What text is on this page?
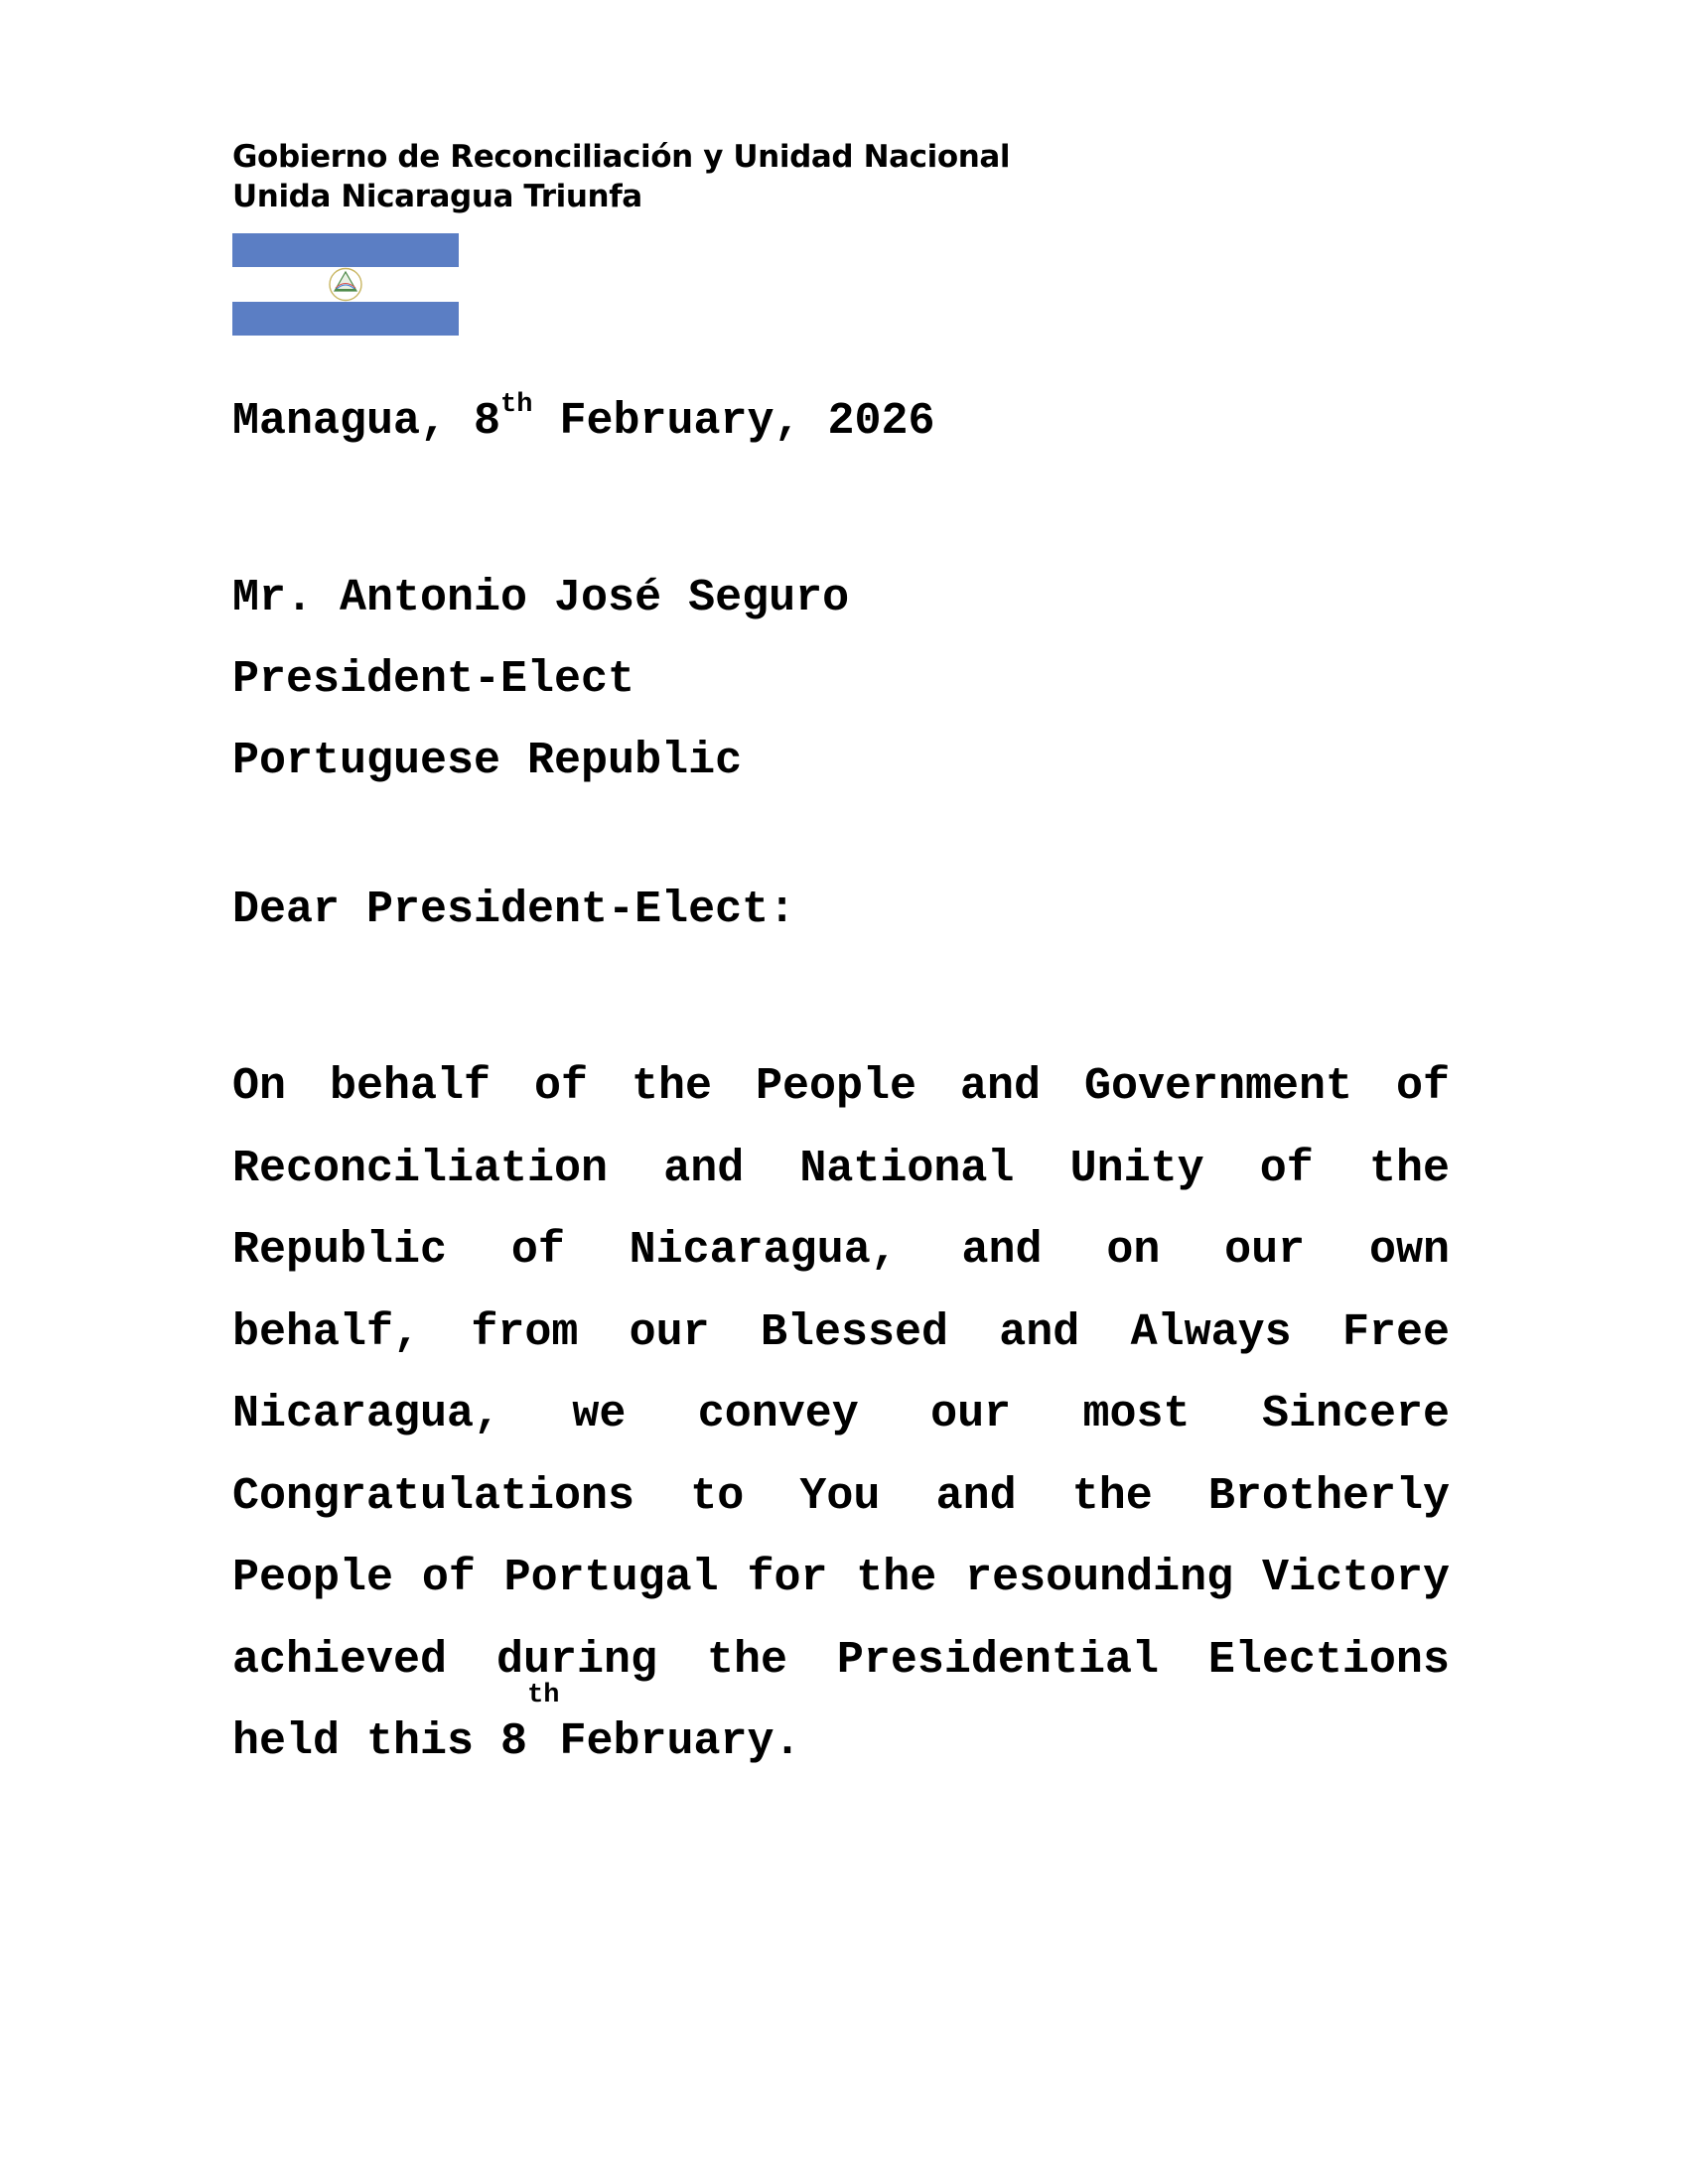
Gobierno de Reconciliación y Unidad Nacional
Unida Nicaragua Triunfa
Managua, 8th February, 2026
Mr. Antonio José Seguro
President-Elect
Portuguese Republic
Dear President-Elect:
On behalf of the People and Government of
Reconciliation and National Unity of the
Republic of Nicaragua, and on our own
behalf, from our Blessed and Always Free
Nicaragua, we convey our most Sincere
Congratulations to You and the Brotherly
People of Portugal for the resounding Victory
achieved during the Presidential Elections
held this 8
$^{th}$
February.
